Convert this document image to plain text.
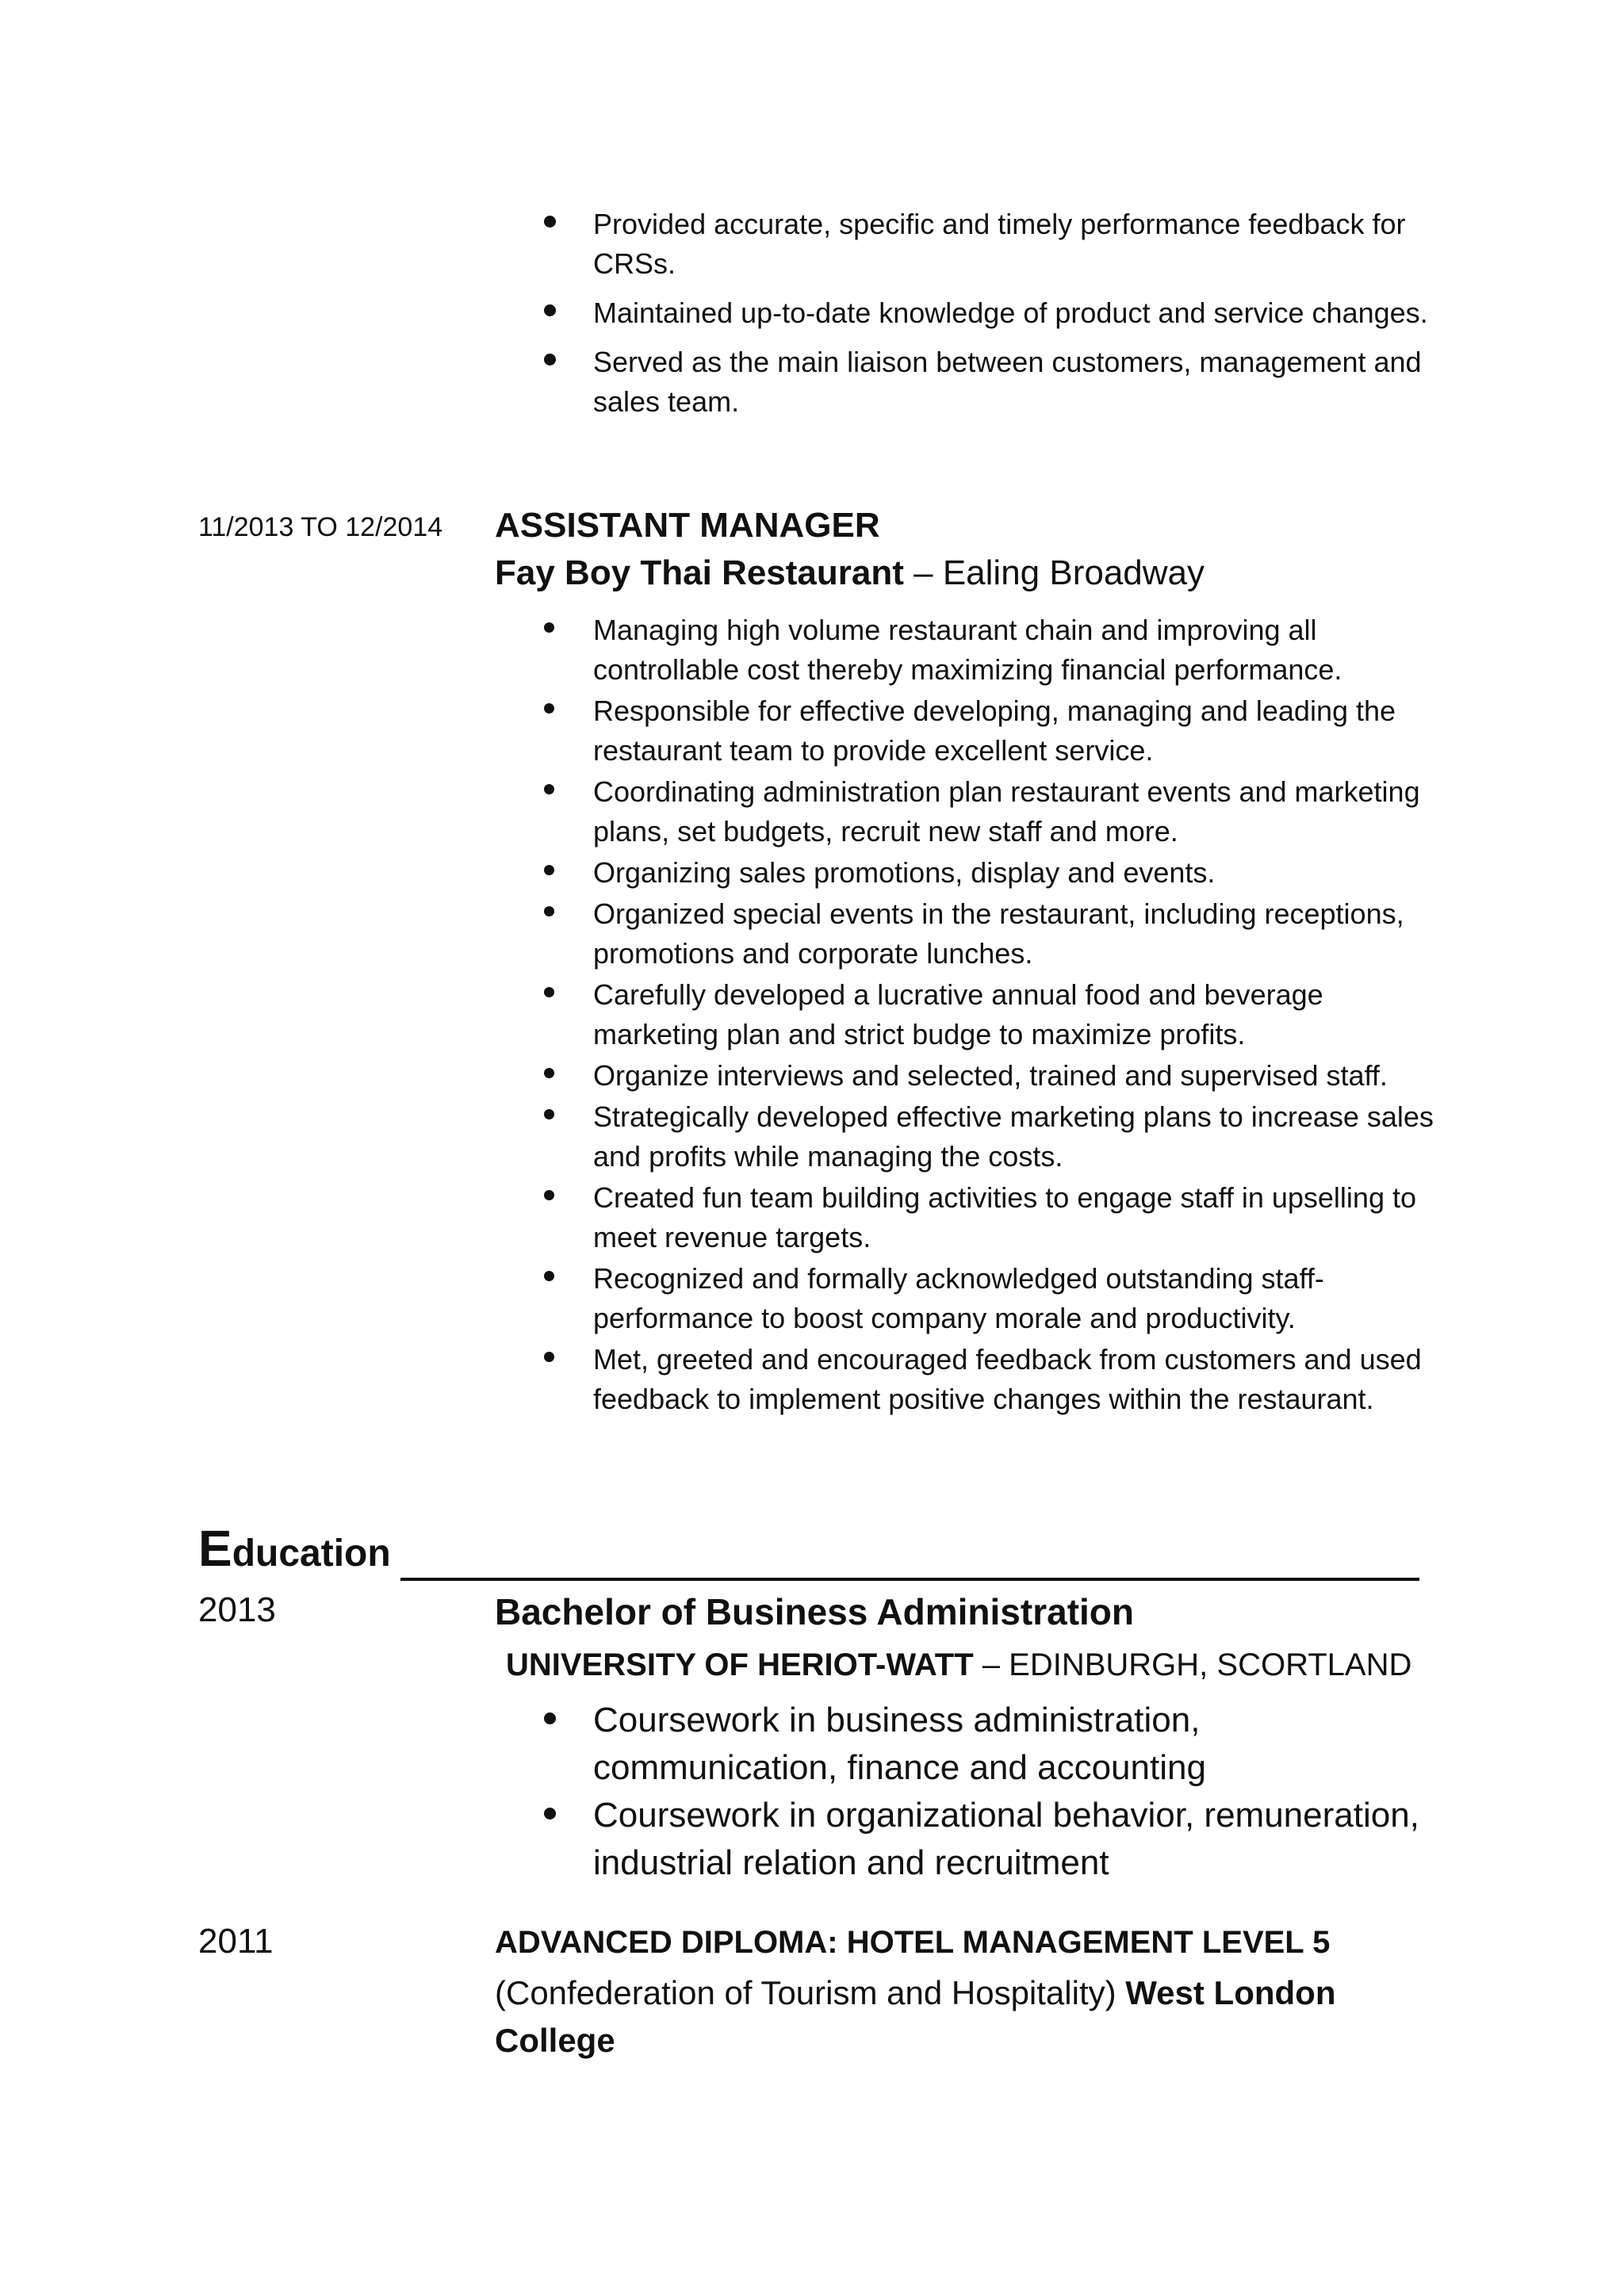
Provided accurate, specific and timely performance feedback for CRSs.
Maintained up-to-date knowledge of product and service changes.
Served as the main liaison between customers, management and sales team.
11/2013 TO 12/2014 ASSISTANT MANAGER
Fay Boy Thai Restaurant – Ealing Broadway
Managing high volume restaurant chain and improving all controllable cost thereby maximizing financial performance.
Responsible for effective developing, managing and leading the restaurant team to provide excellent service.
Coordinating administration plan restaurant events and marketing plans, set budgets, recruit new staff and more.
Organizing sales promotions, display and events.
Organized special events in the restaurant, including receptions, promotions and corporate lunches.
Carefully developed a lucrative annual food and beverage marketing plan and strict budge to maximize profits.
Organize interviews and selected, trained and supervised staff.
Strategically developed effective marketing plans to increase sales and profits while managing the costs.
Created fun team building activities to engage staff in upselling to meet revenue targets.
Recognized and formally acknowledged outstanding staff-performance to boost company morale and productivity.
Met, greeted and encouraged feedback from customers and used feedback to implement positive changes within the restaurant.
Education
2013	Bachelor of Business Administration
UNIVERSITY OF HERIOT-WATT – EDINBURGH, SCORTLAND
Coursework in business administration, communication, finance and accounting
Coursework in organizational behavior, remuneration, industrial relation and recruitment
2011	ADVANCED DIPLOMA: HOTEL MANAGEMENT LEVEL 5
(Confederation of Tourism and Hospitality) West London College
